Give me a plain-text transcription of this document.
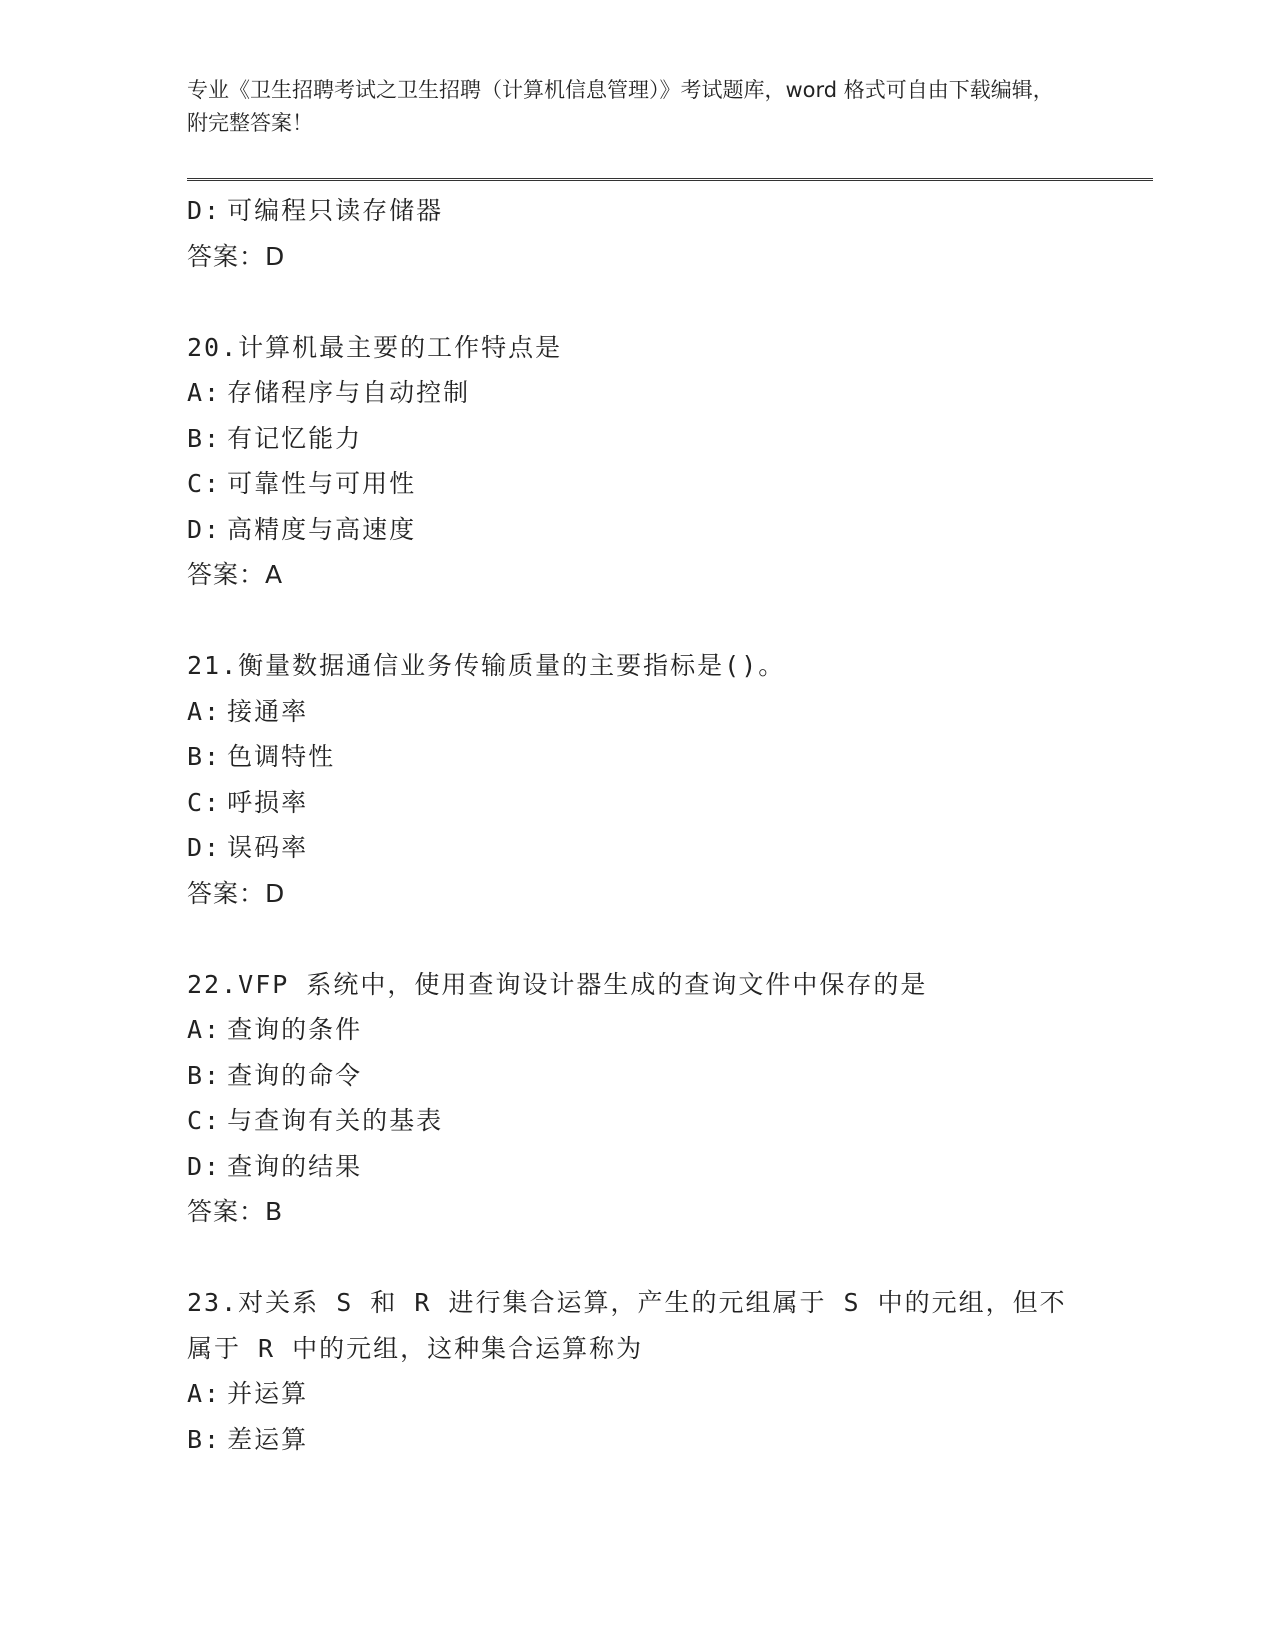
专业《卫生招聘考试之卫生招聘（计算机信息管理）》考试题库，word 格式可自由下载编辑，附完整答案！
D: 可编程只读存储器
答案：D
20.计算机最主要的工作特点是
A: 存储程序与自动控制
B: 有记忆能力
C: 可靠性与可用性
D: 高精度与高速度
答案：A
21.衡量数据通信业务传输质量的主要指标是()。
A: 接通率
B: 色调特性
C: 呼损率
D: 误码率
答案：D
22.VFP 系统中，使用查询设计器生成的查询文件中保存的是
A: 查询的条件
B: 查询的命令
C: 与查询有关的基表
D: 查询的结果
答案：B
23.对关系 S 和 R 进行集合运算，产生的元组属于 S 中的元组，但不属于 R 中的元组，这种集合运算称为
A: 并运算
B: 差运算
